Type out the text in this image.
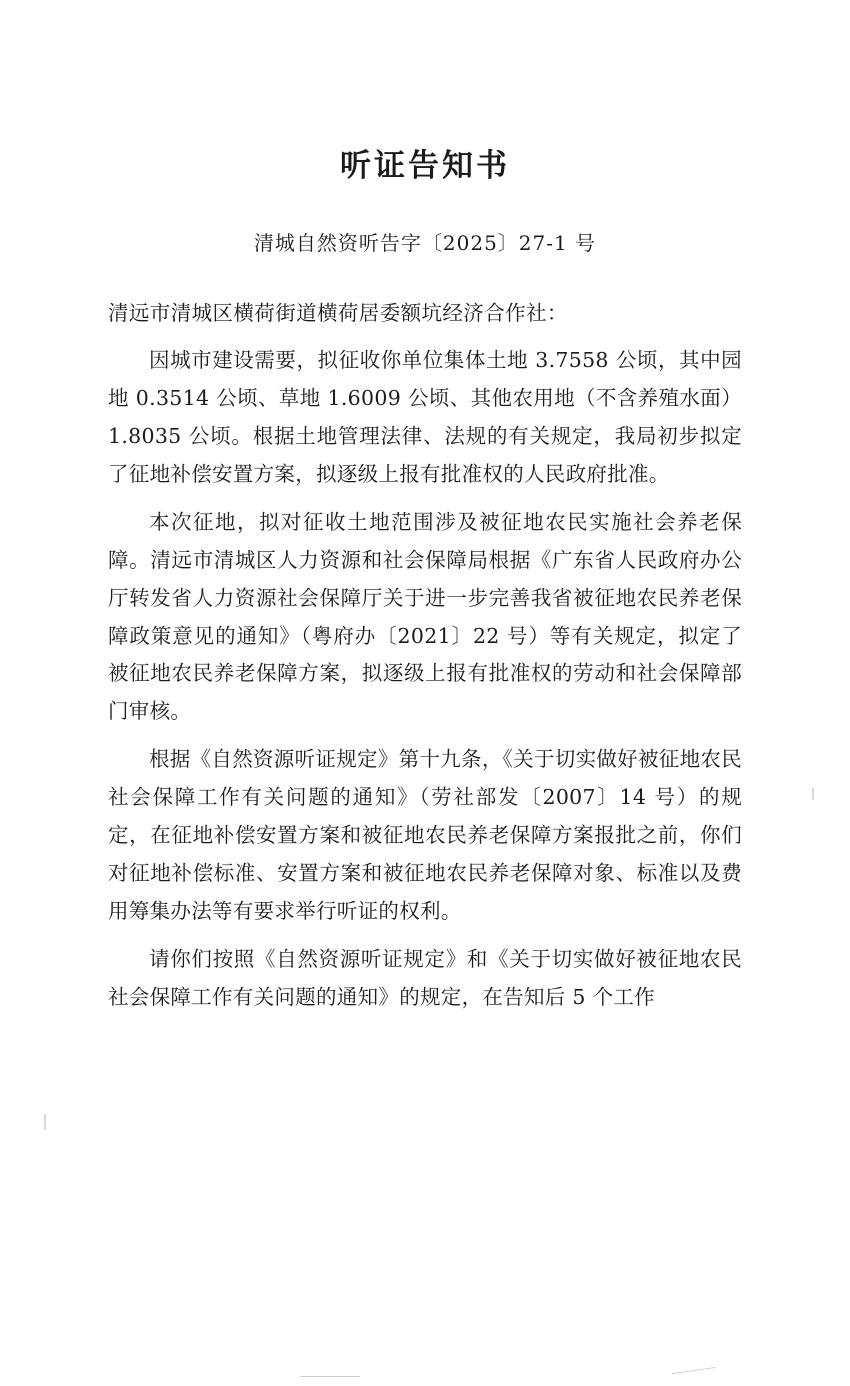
听证告知书
清城自然资听告字〔2025〕27-1 号
清远市清城区横荷街道横荷居委额坑经济合作社：
因城市建设需要，拟征收你单位集体土地 3.7558 公顷，其中园地 0.3514 公顷、草地 1.6009 公顷、其他农用地（不含养殖水面）1.8035 公顷。根据土地管理法律、法规的有关规定，我局初步拟定了征地补偿安置方案，拟逐级上报有批准权的人民政府批准。
本次征地，拟对征收土地范围涉及被征地农民实施社会养老保障。清远市清城区人力资源和社会保障局根据《广东省人民政府办公厅转发省人力资源社会保障厅关于进一步完善我省被征地农民养老保障政策意见的通知》（粤府办〔2021〕22 号）等有关规定，拟定了被征地农民养老保障方案，拟逐级上报有批准权的劳动和社会保障部门审核。
根据《自然资源听证规定》第十九条，《关于切实做好被征地农民社会保障工作有关问题的通知》（劳社部发〔2007〕14 号）的规定，在征地补偿安置方案和被征地农民养老保障方案报批之前，你们对征地补偿标准、安置方案和被征地农民养老保障对象、标准以及费用筹集办法等有要求举行听证的权利。
请你们按照《自然资源听证规定》和《关于切实做好被征地农民社会保障工作有关问题的通知》的规定，在告知后 5 个工作
